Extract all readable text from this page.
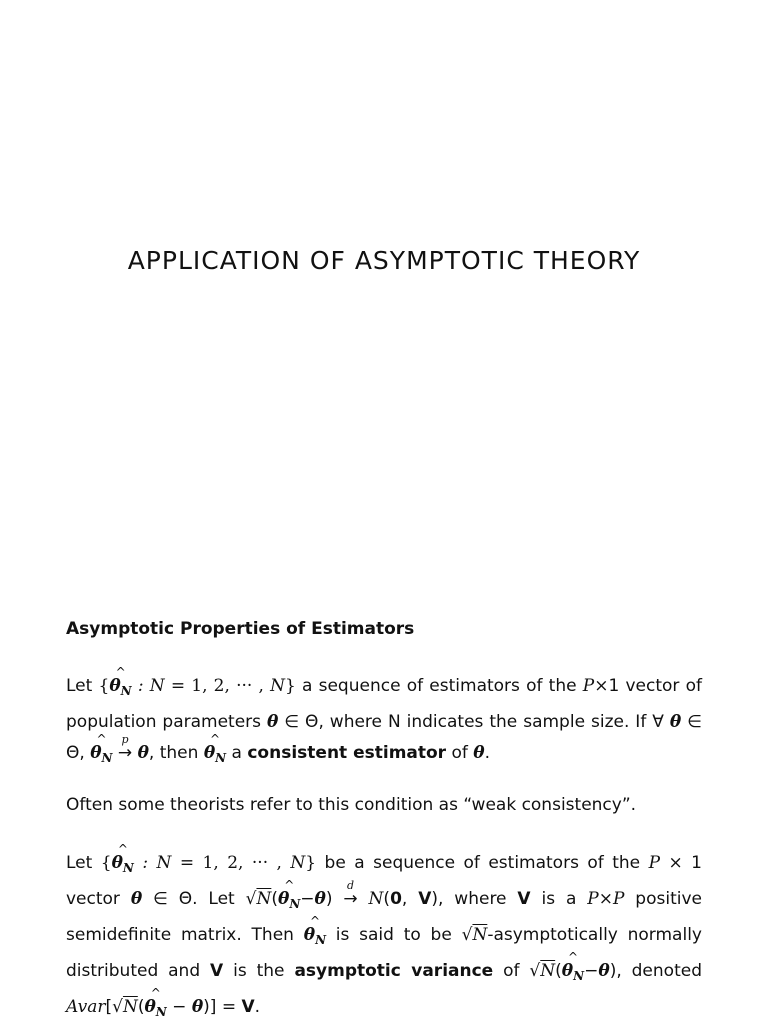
APPLICATION OF ASYMPTOTIC THEORY
Asymptotic Properties of Estimators

Let {^ $\theta_N$ : N = 1, 2, ··· , N} a sequence of estimators of the P×1 vector of population parameters θ ∈ Θ, where N indicates the sample size. If ∀ θ ∈ Θ, ^ $\theta_N$
p
→ θ, then ^ $\theta_N$ a consistent estimator of θ.

Often some theorists refer to this condition as “weak consistency”.

Let {^ $\theta_N$ : N = 1, 2, ··· , N} be a sequence of estimators of the P × 1 vector θ ∈ Θ. Let √N(^ $\theta_N-\theta$)
d
→ N(0, V), where V is a P×P positive semidefinite matrix. Then ^ $\theta_N$ is said to be √N-asymptotically normally distributed and V is the asymptotic variance of √N(^ $\theta_N-\theta$), denoted Avar[√N(^ $\theta_N - \theta)] = V$.
